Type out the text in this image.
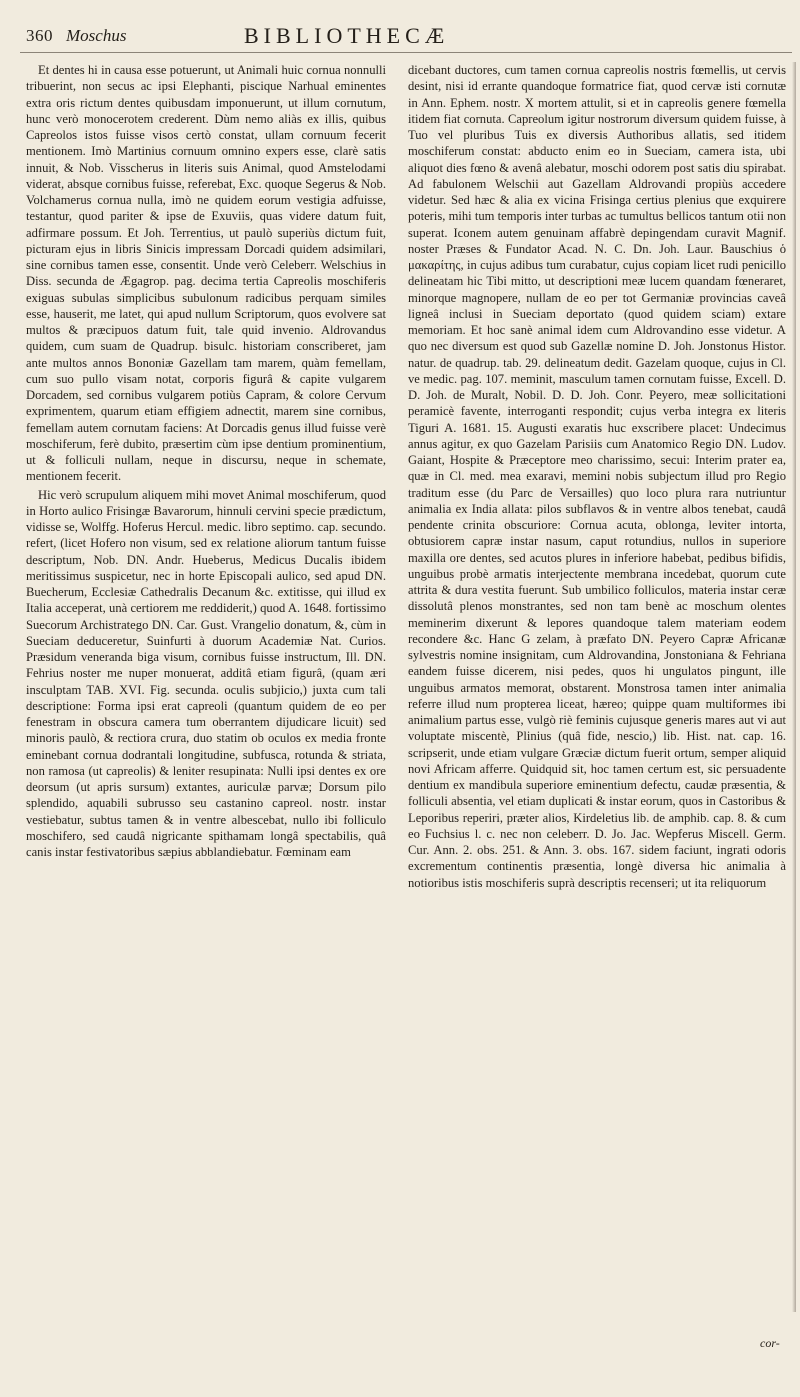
360 Moschus	BIBLIOTHECÆ

Et dentes hi in causa esse potuerunt, ut Animali huic cornua nonnulli tribuerint, non secus ac ipsi Elephanti, piscique Narhual eminentes extra oris rictum dentes quibusdam imponuerunt, ut illum cornutum, hunc verò monocerotem crederent. Dùm nemo aliàs ex illis, quibus Capreolos istos fuisse visos certò constat, ullam cornuum fecerit mentionem. Imò Martinius cornuum omnino expers esse, clarè satis innuit, & Nob. Visscherus in literis suis Animal, quod Amstelodami viderat, absque cornibus fuisse, referebat, Exc. quoque Segerus & Nob. Volchamerus cornua nulla, imò ne quidem eorum vestigia adfuisse, testantur, quod pariter & ipse de Exuviis, quas videre datum fuit, adfirmare possum. Et Joh. Terrentius, ut paulò superiùs dictum fuit, picturam ejus in libris Sinicis impressam Dorcadi quidem adsimilari, sine cornibus tamen esse, consentit. Unde verò Celeberr. Welschius in Diss. secunda de Ægagrop. pag. decima tertia Capreolis moschiferis exiguas subulas simplicibus subulonum radicibus perquam similes esse, hauserit, me latet, qui apud nullum Scriptorum, quos evolvere sat multos & præcipuos datum fuit, tale quid invenio. Aldrovandus quidem, cum suam de Quadrup. bisulc. historiam conscriberet, jam ante multos annos Bononiæ Gazellam tam marem, quàm femellam, cum suo pullo visam notat, corporis figurâ & capite vulgarem Dorcadem, sed cornibus vulgarem potiùs Capram, & colore Cervum exprimentem, quarum etiam effigiem adnectit, marem sine cornibus, femellam autem cornutam faciens: At Dorcadis genus illud fuisse verè moschiferum, ferè dubito, præsertim cùm ipse dentium prominentium, ut & folliculi nullam, neque in discursu, neque in schemate, mentionem fecerit.

Hic verò scrupulum aliquem mihi movet Animal moschiferum, quod in Horto aulico Frisingæ Bavarorum, hinnuli cervini specie prædictum, vidisse se, Wolffg. Hoferus Hercul. medic. libro septimo. cap. secundo. refert, (licet Hofero non visum, sed ex relatione aliorum tantum fuisse descriptum, Nob. DN. Andr. Hueberus, Medicus Ducalis ibidem meritissimus suspicetur, nec in horte Episcopali aulico, sed apud DN. Buecherum, Ecclesiæ Cathedralis Decanum &c. extitisse, qui illud ex Italia acceperat, unà certiorem me reddiderit,) quod A. 1648. fortissimo Suecorum Archistratego DN. Car. Gust. Vrangelio donatum, &, cùm in Sueciam deduceretur, Suinfurti à duorum Academiæ Nat. Curios. Præsidum veneranda biga visum, cornibus fuisse instructum, Ill. DN. Fehrius noster me nuper monuerat, additâ etiam figurâ, (quam æri insculptam TAB. XVI. Fig. secunda. oculis subjicio,) juxta cum tali descriptione: Forma ipsi erat capreoli (quantum quidem de eo per fenestram in obscura camera tum oberrantem dijudicare licuit) sed minoris paulò, & rectiora crura, duo statim ob oculos ex media fronte eminebant cornua dodrantali longitudine, subfusca, rotunda & striata, non ramosa (ut capreolis) & leniter resupinata: Nulli ipsi dentes ex ore deorsum (ut apris sursum) extantes, auriculæ parvæ; Dorsum pilo splendido, aquabili subrusso seu castanino capreol. nostr. instar vestiebatur, subtus tamen & in ventre albescebat, nullo ibi folliculo moschifero, sed caudâ nigricante spithamam longâ spectabilis, quâ canis instar festivatoribus sæpius abblandiebatur. Fœminam eam

dicebant ductores, cum tamen cornua capreolis nostris fœmellis, ut cervis desint, nisi id errante quandoque formatrice fiat, quod cervæ isti cornutæ in Ann. Ephem. nostr. X mortem attulit, si et in capreolis genere fœmella itidem fiat cornuta. Capreolum igitur nostrorum diversum quidem fuisse, à Tuo vel pluribus Tuis ex diversis Authoribus allatis, sed itidem moschiferum constat: abducto enim eo in Sueciam, camera ista, ubi aliquot dies fœno & avenâ alebatur, moschi odorem post satis diu spirabat. Ad fabulonem Welschii aut Gazellam Aldrovandi propiùs accedere videtur. Sed hæc & alia ex vicina Frisinga certius plenius que exquirere poteris, mihi tum temporis inter turbas ac tumultus bellicos tantum otii non superat. Iconem autem genuinam affabrè depingendam curavit Magnif. noster Præses & Fundator Acad. N. C. Dn. Joh. Laur. Bauschius ὁ μακαρίτης, in cujus adibus tum curabatur, cujus copiam licet rudi penicillo delineatam hic Tibi mitto, ut descriptioni meæ lucem quandam fœneraret, minorque magnopere, nullam de eo per tot Germaniæ provincias caveâ ligneâ inclusi in Sueciam deportato (quod quidem sciam) extare memoriam. Et hoc sanè animal idem cum Aldrovandino esse videtur. A quo nec diversum est quod sub Gazellæ nomine D. Joh. Jonstonus Histor. natur. de quadrup. tab. 29. delineatum dedit. Gazelam quoque, cujus in Cl. ve medic. pag. 107. meminit, masculum tamen cornutam fuisse, Excell. D. D. Joh. de Muralt, Nobil. D. D. Joh. Conr. Peyero, meæ sollicitationi peramicè favente, interroganti respondit; cujus verba integra ex literis Tiguri A. 1681. 15. Augusti exaratis huc exscribere placet: Undecimus annus agitur, ex quo Gazelam Parisiis cum Anatomico Regio DN. Ludov. Gaiant, Hospite & Præceptore meo charissimo, secui: Interim prater ea, quæ in Cl. med. mea exaravi, memini nobis subjectum illud pro Regio traditum esse (du Parc de Versailles) quo loco plura rara nutriuntur animalia ex India allata: pilos subflavos & in ventre albos tenebat, caudâ pendente crinita obscuriore: Cornua acuta, oblonga, leviter intorta, obtusiorem capræ instar nasum, caput rotundius, nullos in superiore maxilla ore dentes, sed acutos plures in inferiore habebat, pedibus bifidis, unguibus probè armatis interjectente membrana incedebat, quorum cute attrita & dura vestita fuerunt. Sub umbilico folliculos, materia instar ceræ dissolutâ plenos monstrantes, sed non tam benè ac moschum olentes meminerim dixerunt & lepores quandoque talem materiam eodem recondere &c. Hanc G zelam, à præfato DN. Peyero Capræ Africanæ sylvestris nomine insignitam, cum Aldrovandina, Jonstoniana & Fehriana eandem fuisse dicerem, nisi pedes, quos hi ungulatos pingunt, ille unguibus armatos memorat, obstarent. Monstrosa tamen inter animalia referre illud num propterea liceat, hæreo; quippe quam multiformes ibi animalium partus esse, vulgò riè feminis cujusque generis mares aut vi aut voluptate miscentè, Plinius (quâ fide, nescio,) lib. Hist. nat. cap. 16. scripserit, unde etiam vulgare Græciæ dictum fuerit ortum, semper aliquid novi Africam afferre. Quidquid sit, hoc tamen certum est, sic persuadente dentium ex mandibula superiore eminentium defectu, caudæ præsentia, & folliculi absentia, vel etiam duplicati & instar eorum, quos in Castoribus & Leporibus reperiri, præter alios, Kirdeletius lib. de amphib. cap. 8. & cum eo Fuchsius l. c. nec non celeberr. D. Jo. Jac. Wepferus Miscell. Germ. Cur. Ann. 2. obs. 251. & Ann. 3. obs. 167. sidem faciunt, ingrati odoris excrementum continentis præsentia, longè diversa hic animalia à notioribus istis moschiferis suprà descriptis recenseri; ut ita reliquorum

cor-
